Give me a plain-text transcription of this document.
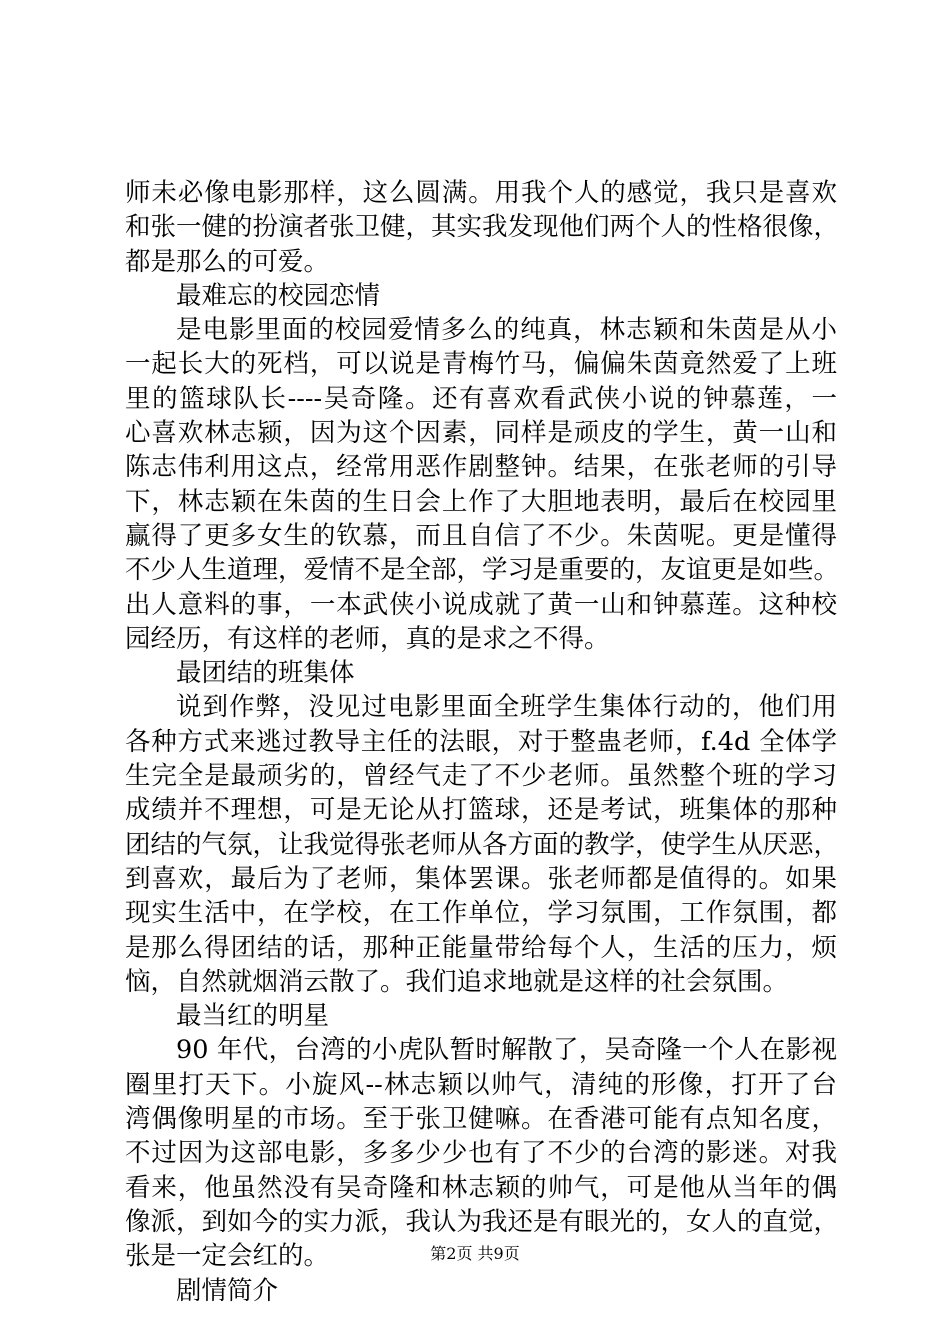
师未必像电影那样，这么圆满。用我个人的感觉，我只是喜欢
和张一健的扮演者张卫健，其实我发现他们两个人的性格很像，
都是那么的可爱。
最难忘的校园恋情
是电影里面的校园爱情多么的纯真，林志颖和朱茵是从小
一起长大的死档，可以说是青梅竹马，偏偏朱茵竟然爱了上班
里的篮球队长----吴奇隆。还有喜欢看武侠小说的钟慕莲，一
心喜欢林志颍，因为这个因素，同样是顽皮的学生，黄一山和
陈志伟利用这点，经常用恶作剧整钟。结果，在张老师的引导
下，林志颖在朱茵的生日会上作了大胆地表明，最后在校园里
赢得了更多女生的钦慕，而且自信了不少。朱茵呢。更是懂得
不少人生道理，爱情不是全部，学习是重要的，友谊更是如些。
出人意料的事，一本武侠小说成就了黄一山和钟慕莲。这种校
园经历，有这样的老师，真的是求之不得。
最团结的班集体
说到作弊，没见过电影里面全班学生集体行动的，他们用
各种方式来逃过教导主任的法眼，对于整蛊老师，f.4d 全体学
生完全是最顽劣的，曾经气走了不少老师。虽然整个班的学习
成绩并不理想，可是无论从打篮球，还是考试，班集体的那种
团结的气氛，让我觉得张老师从各方面的教学，使学生从厌恶，
到喜欢，最后为了老师，集体罢课。张老师都是值得的。如果
现实生活中，在学校，在工作单位，学习氛围，工作氛围，都
是那么得团结的话，那种正能量带给每个人，生活的压力，烦
恼，自然就烟消云散了。我们追求地就是这样的社会氛围。
最当红的明星
90 年代，台湾的小虎队暂时解散了，吴奇隆一个人在影视
圈里打天下。小旋风--林志颖以帅气，清纯的形像，打开了台
湾偶像明星的市场。至于张卫健嘛。在香港可能有点知名度，
不过因为这部电影，多多少少也有了不少的台湾的影迷。对我
看来，他虽然没有吴奇隆和林志颖的帅气，可是他从当年的偶
像派，到如今的实力派，我认为我还是有眼光的，女人的直觉，
张是一定会红的。
剧情简介
第2页 共9页
